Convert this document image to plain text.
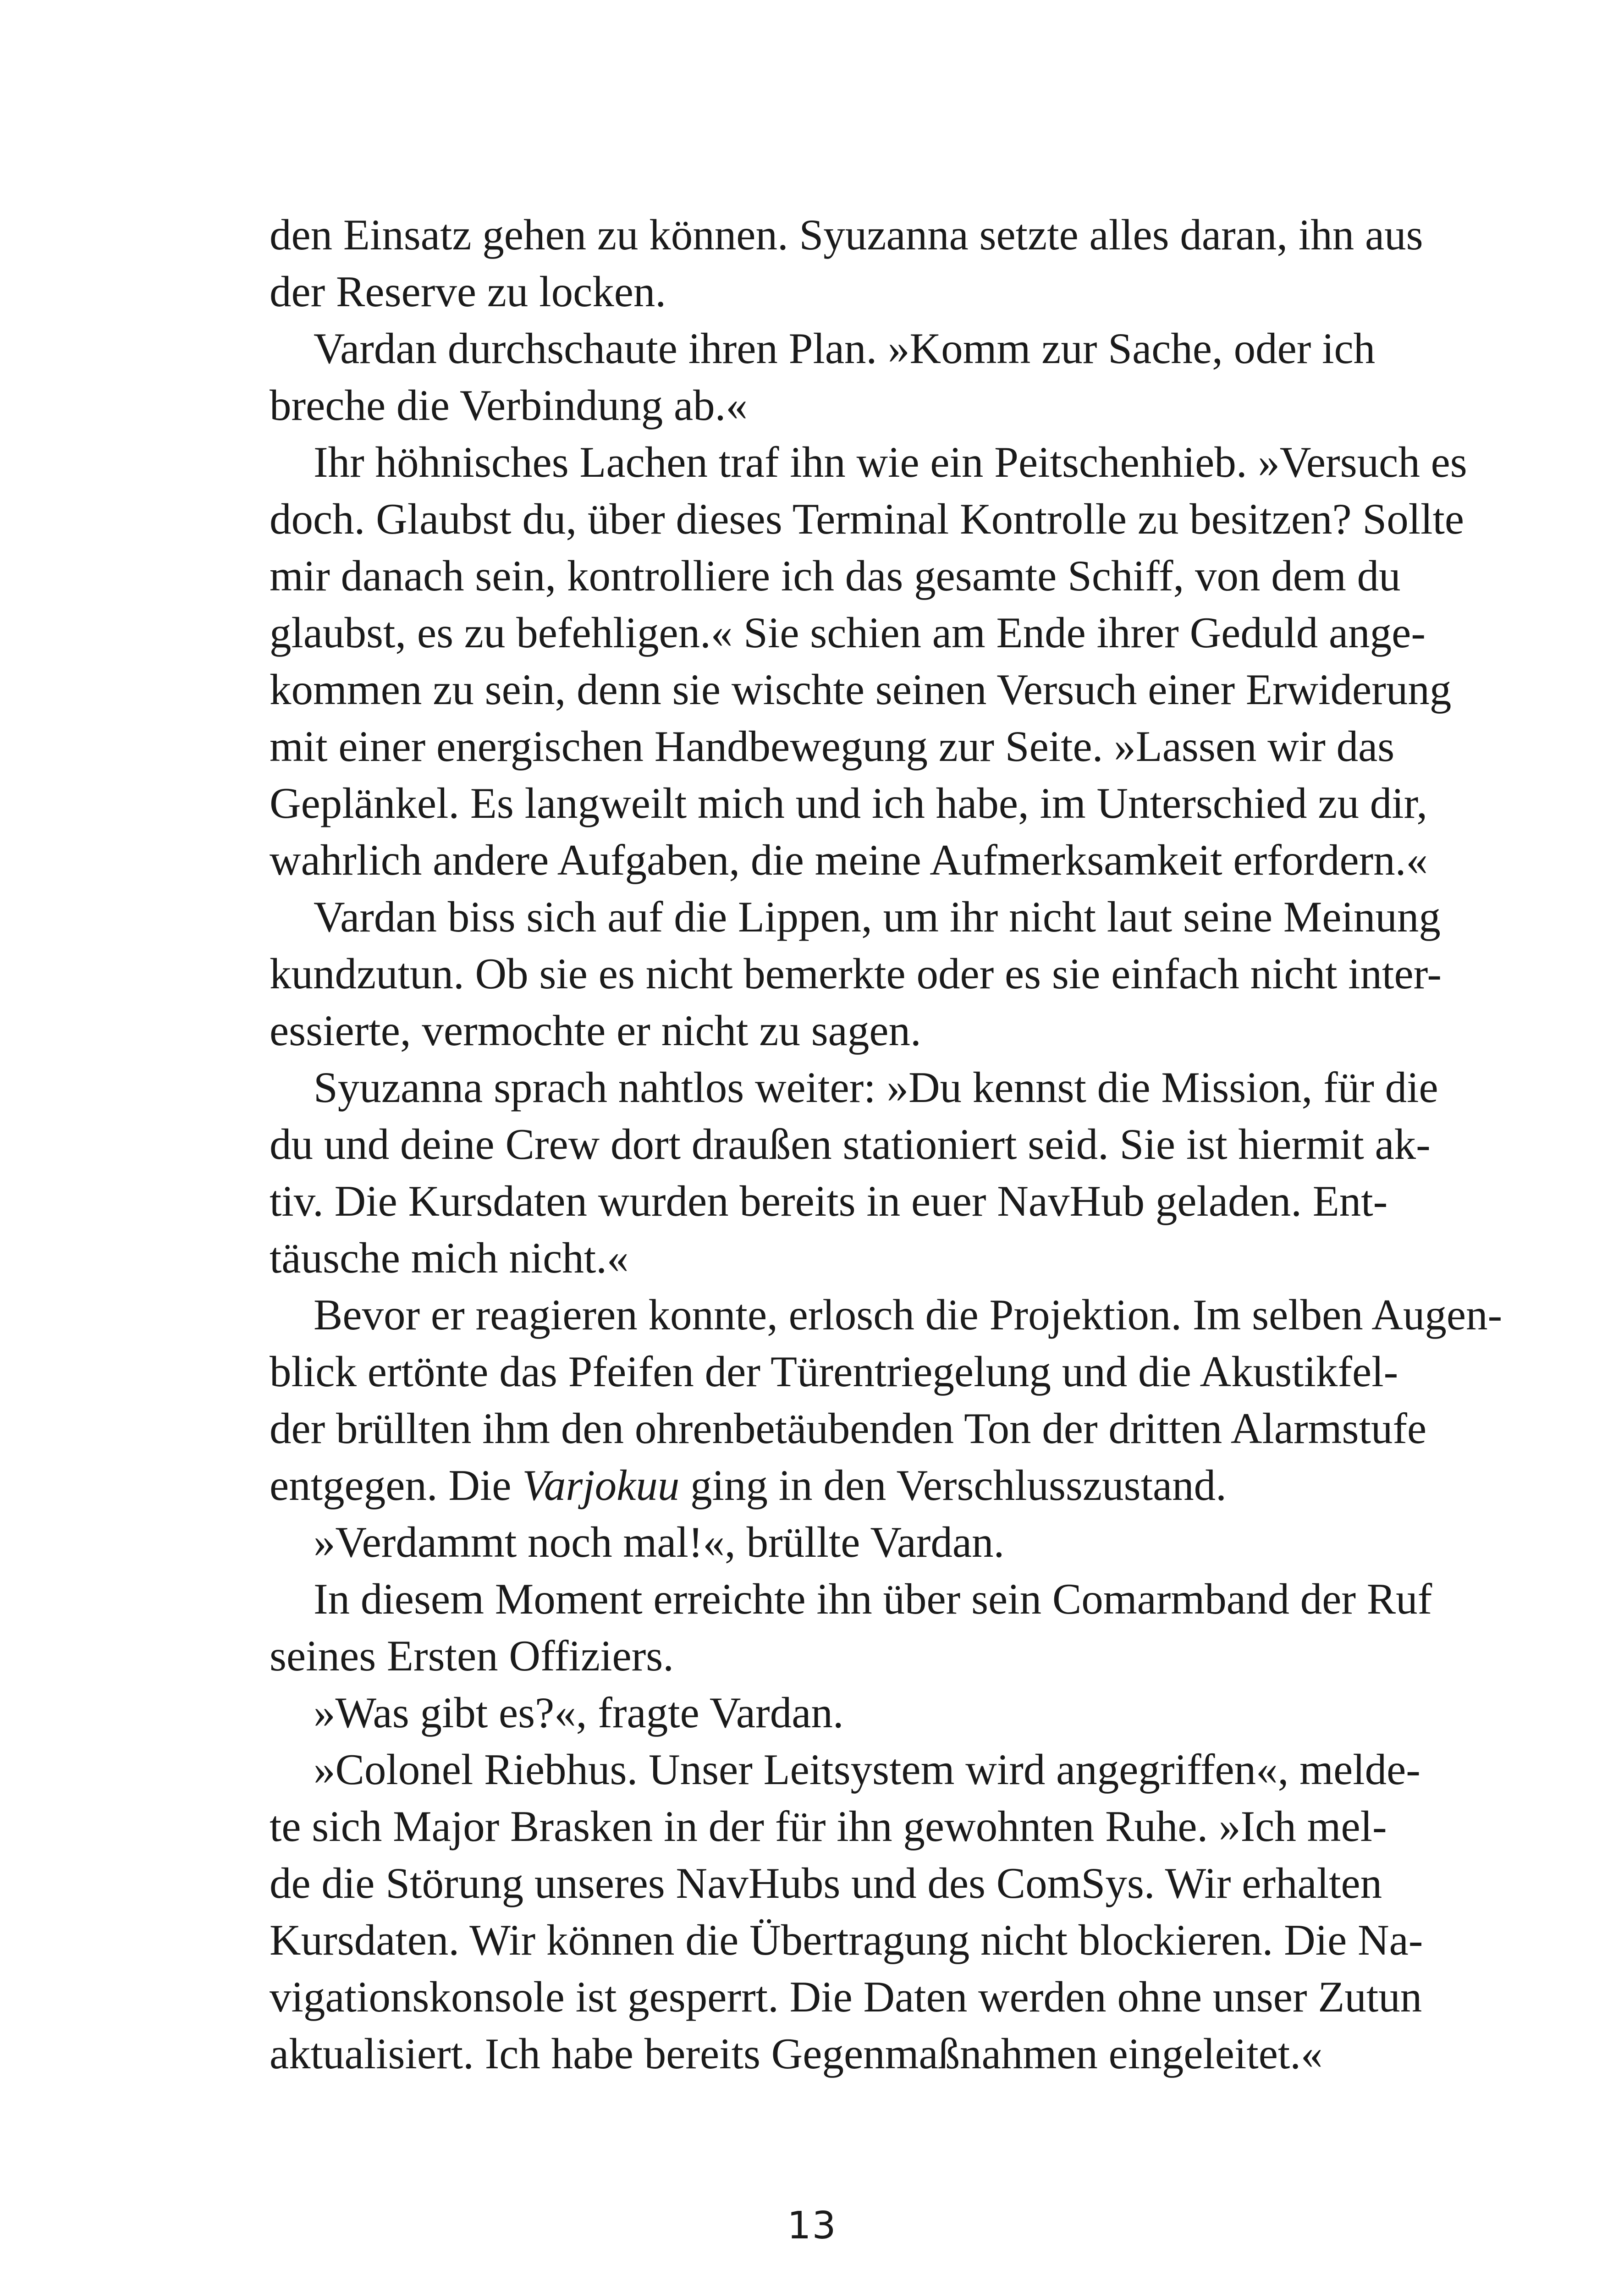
den Einsatz gehen zu können. Syuzanna setzte alles daran, ihn aus
der Reserve zu locken.
Vardan durchschaute ihren Plan. »Komm zur Sache, oder ich
breche die Verbindung ab.«
Ihr höhnisches Lachen traf ihn wie ein Peitschenhieb. »Versuch es
doch. Glaubst du, über dieses Terminal Kontrolle zu besitzen? Sollte
mir danach sein, kontrolliere ich das gesamte Schiff, von dem du
glaubst, es zu befehligen.« Sie schien am Ende ihrer Geduld ange-
kommen zu sein, denn sie wischte seinen Versuch einer Erwiderung
mit einer energischen Handbewegung zur Seite. »Lassen wir das
Geplänkel. Es langweilt mich und ich habe, im Unterschied zu dir,
wahrlich andere Aufgaben, die meine Aufmerksamkeit erfordern.«
Vardan biss sich auf die Lippen, um ihr nicht laut seine Meinung
kundzutun. Ob sie es nicht bemerkte oder es sie einfach nicht inter-
essierte, vermochte er nicht zu sagen.
Syuzanna sprach nahtlos weiter: »Du kennst die Mission, für die
du und deine Crew dort draußen stationiert seid. Sie ist hiermit ak-
tiv. Die Kursdaten wurden bereits in euer NavHub geladen. Ent-
täusche mich nicht.«
Bevor er reagieren konnte, erlosch die Projektion. Im selben Augen-
blick ertönte das Pfeifen der Türentriegelung und die Akustikfel-
der brüllten ihm den ohrenbetäubenden Ton der dritten Alarmstufe
entgegen. Die Varjokuu ging in den Verschlusszustand.
»Verdammt noch mal!«, brüllte Vardan.
In diesem Moment erreichte ihn über sein Comarmband der Ruf
seines Ersten Offiziers.
»Was gibt es?«, fragte Vardan.
»Colonel Riebhus. Unser Leitsystem wird angegriffen«, melde-
te sich Major Brasken in der für ihn gewohnten Ruhe. »Ich mel-
de die Störung unseres NavHubs und des ComSys. Wir erhalten
Kursdaten. Wir können die Übertragung nicht blockieren. Die Na-
vigationskonsole ist gesperrt. Die Daten werden ohne unser Zutun
aktualisiert. Ich habe bereits Gegenmaßnahmen eingeleitet.«
13
